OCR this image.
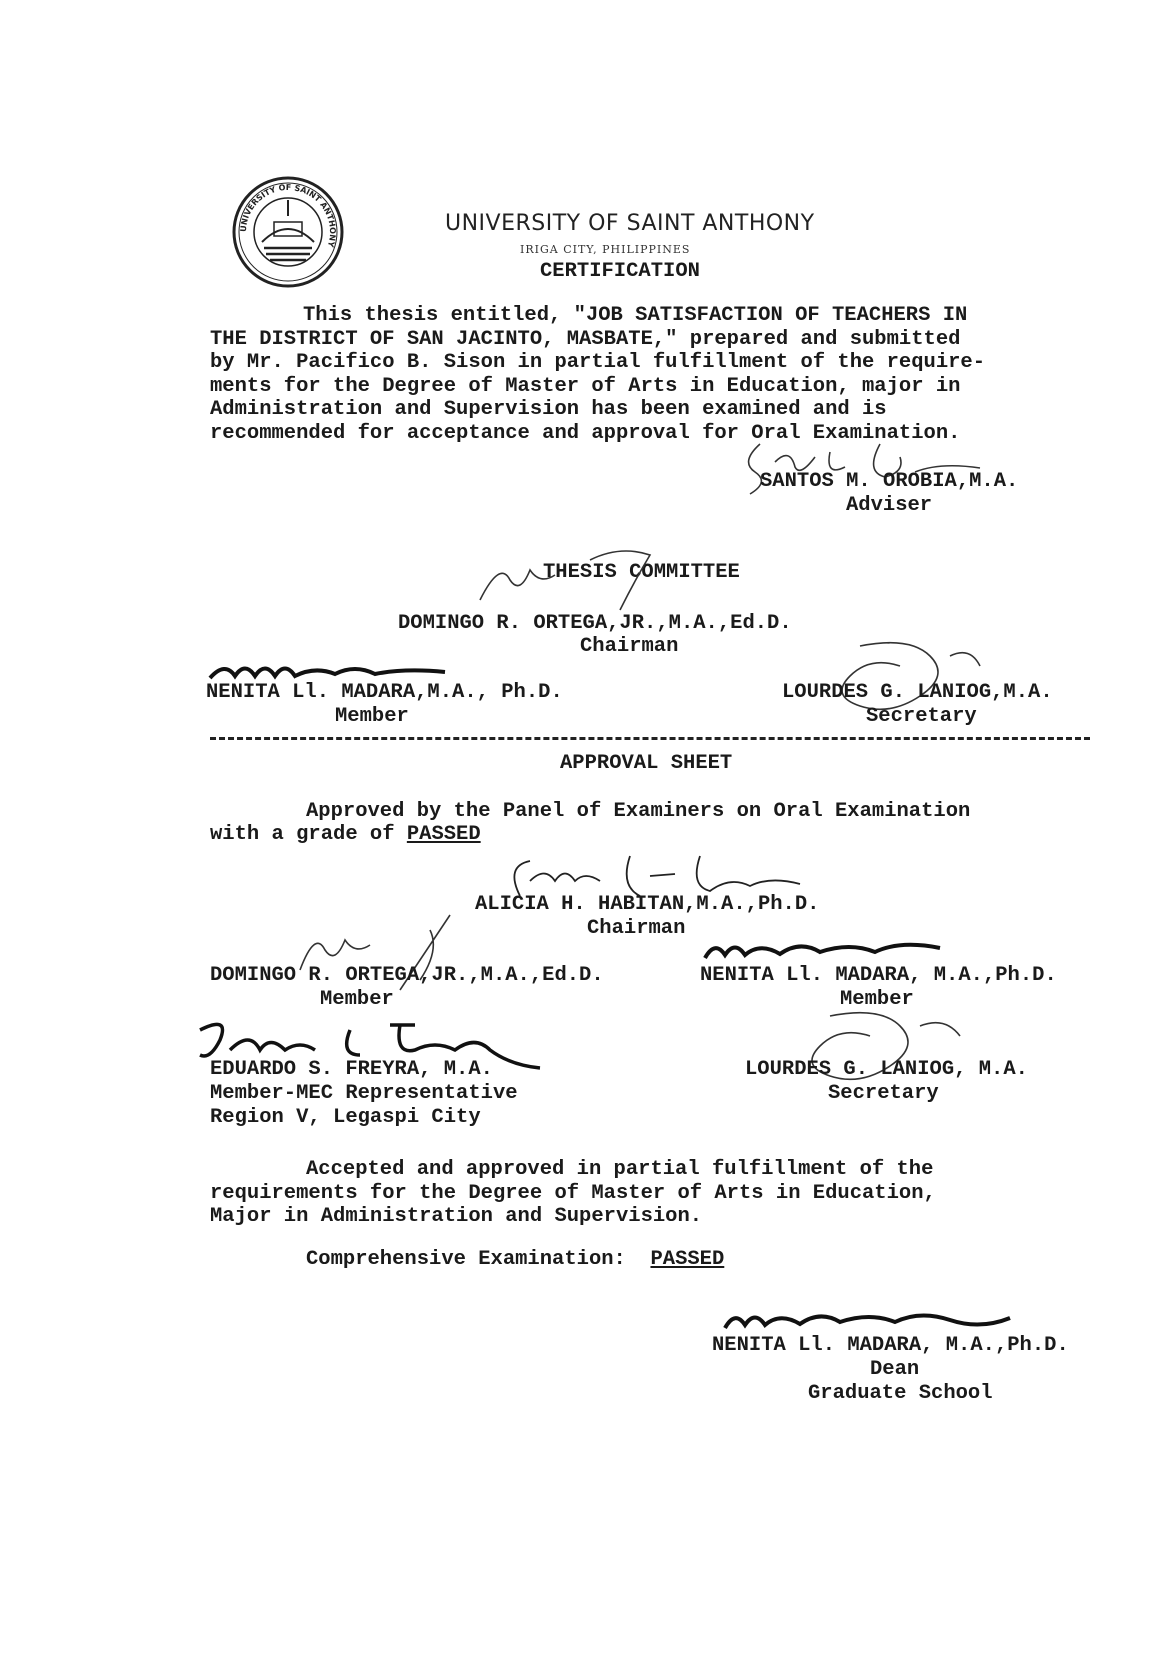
UNIVERSITY OF SAINT ANTHONY
UNIVERSITY OF SAINT ANTHONY
IRIGA CITY, PHILIPPINES
CERTIFICATION
This thesis entitled, "JOB SATISFACTION OF TEACHERS IN
THE DISTRICT OF SAN JACINTO, MASBATE," prepared and submitted
by Mr. Pacifico B. Sison in partial fulfillment of the require-
ments for the Degree of Master of Arts in Education, major in
Administration and Supervision has been examined and is
recommended for acceptance and approval for Oral Examination.
SANTOS M. OROBIA,M.A.
Adviser
THESIS COMMITTEE
DOMINGO R. ORTEGA,JR.,M.A.,Ed.D.
Chairman
NENITA Ll. MADARA,M.A., Ph.D.
Member
LOURDES G. LANIOG,M.A.
Secretary
APPROVAL SHEET
Approved by the Panel of Examiners on Oral Examination
with a grade of PASSED
ALICIA H. HABITAN,M.A.,Ph.D.
Chairman
DOMINGO R. ORTEGA,JR.,M.A.,Ed.D.
Member
NENITA Ll. MADARA, M.A.,Ph.D.
Member
EDUARDO S. FREYRA, M.A.
Member-MEC Representative
Region V, Legaspi City
LOURDES G. LANIOG, M.A.
Secretary
Accepted and approved in partial fulfillment of the
requirements for the Degree of Master of Arts in Education,
Major in Administration and Supervision.
Comprehensive Examination:  PASSED
NENITA Ll. MADARA, M.A.,Ph.D.
Dean
Graduate School
